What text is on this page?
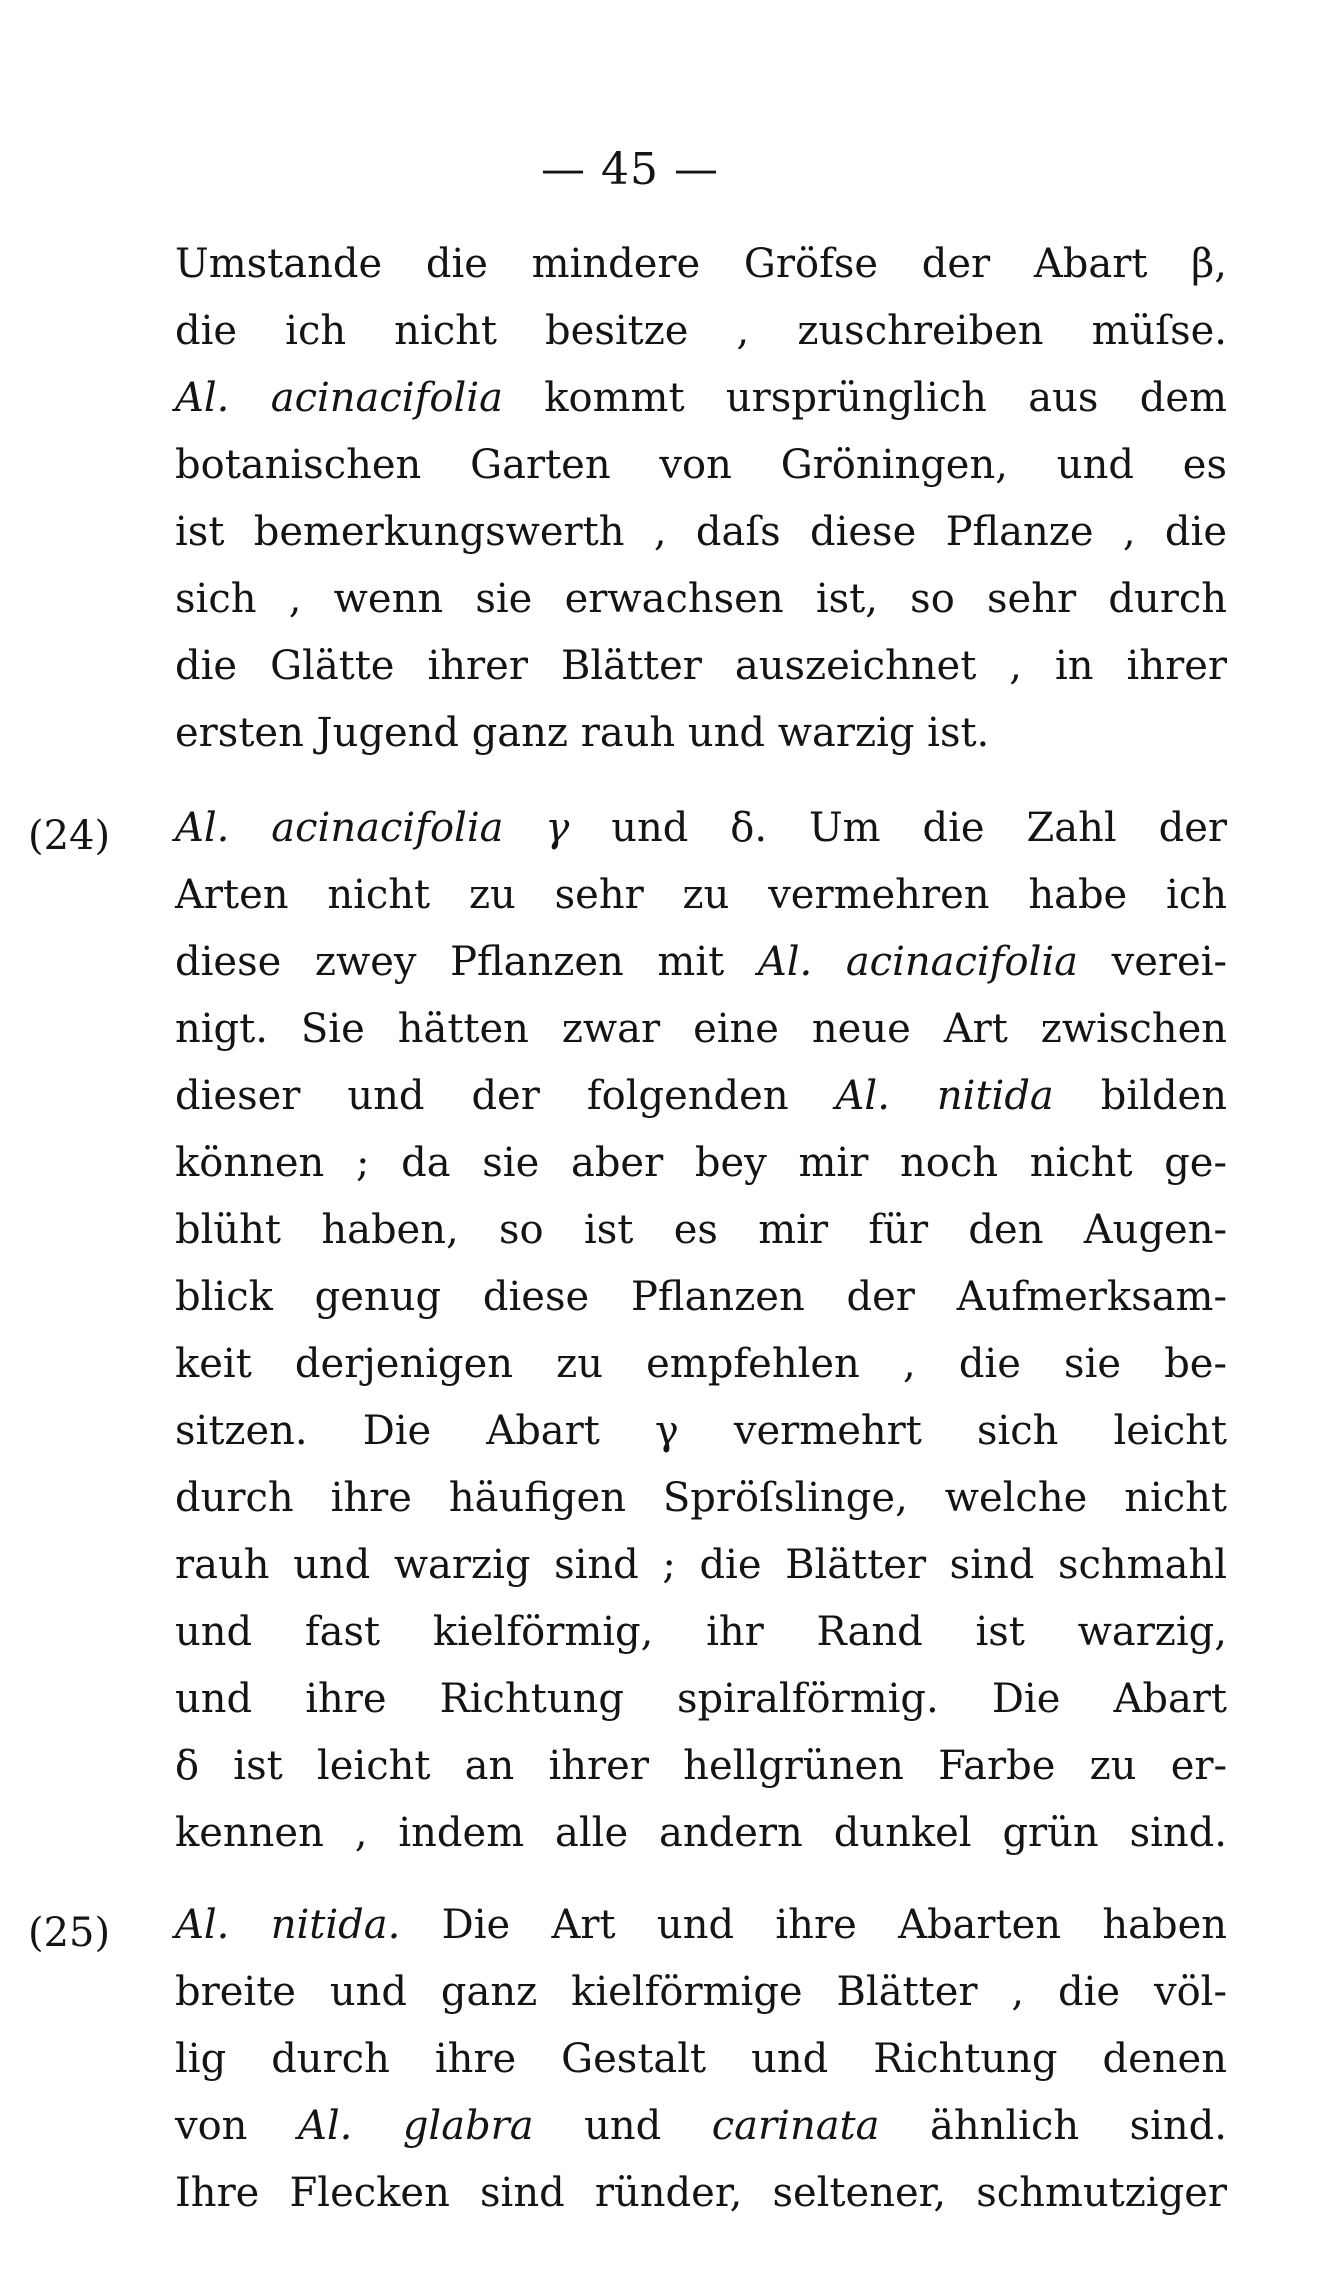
— 45 —
Umstande die mindere Gröfse der Abart β,
die ich nicht besitze , zuschreiben müſse.
Al. acinacifolia kommt ursprünglich aus dem
botanischen Garten von Gröningen, und es
ist bemerkungswerth , daſs diese Pflanze , die
sich , wenn sie erwachsen ist, so sehr durch
die Glätte ihrer Blätter auszeichnet , in ihrer
ersten Jugend ganz rauh und warzig ist.
(24) Al. acinacifolia γ und δ. Um die Zahl der
Arten nicht zu sehr zu vermehren habe ich
diese zwey Pflanzen mit Al. acinacifolia verei-
nigt. Sie hätten zwar eine neue Art zwischen
dieser und der folgenden Al. nitida bilden
können ; da sie aber bey mir noch nicht ge-
blüht haben, so ist es mir für den Augen-
blick genug diese Pflanzen der Aufmerksam-
keit derjenigen zu empfehlen , die sie be-
sitzen. Die Abart γ vermehrt sich leicht
durch ihre häufigen Spröſslinge, welche nicht
rauh und warzig sind ; die Blätter sind schmahl
und fast kielförmig, ihr Rand ist warzig,
und ihre Richtung spiralförmig. Die Abart
δ ist leicht an ihrer hellgrünen Farbe zu er-
kennen , indem alle andern dunkel grün sind.
(25) Al. nitida. Die Art und ihre Abarten haben
breite und ganz kielförmige Blätter , die völ-
lig durch ihre Gestalt und Richtung denen
von Al. glabra und carinata ähnlich sind.
Ihre Flecken sind ründer, seltener, schmutziger
